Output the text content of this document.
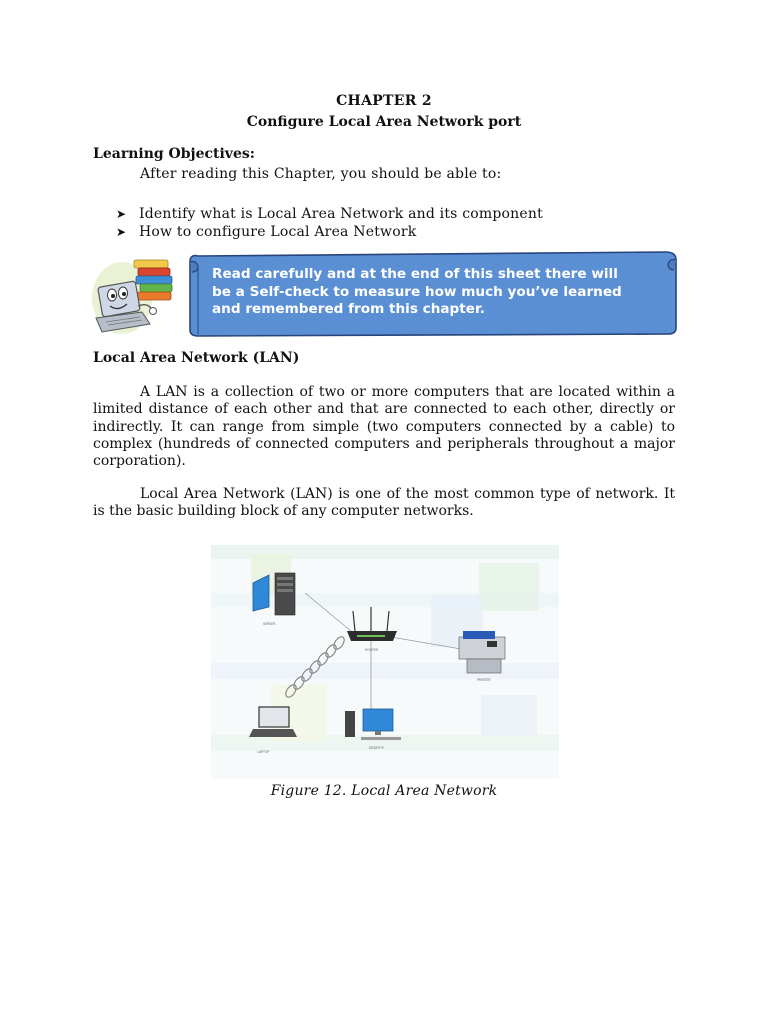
CHAPTER 2
Configure Local Area Network port
Learning Objectives:
After reading this Chapter, you should be able to:
➤ Identify what is Local Area Network and its component
➤ How to configure Local Area Network
Read carefully and at the end of this sheet there will
be a Self-check to measure how much you’ve learned
and remembered from this chapter.
Local Area Network (LAN)
A LAN is a collection of two or more computers that are located within a limited distance of each other and that are connected to each other, directly or indirectly. It can range from simple (two computers connected by a cable) to complex (hundreds of connected computers and peripherals throughout a major corporation).
Local Area Network (LAN) is one of the most common type of network. It is the basic building block of any computer networks.
SERVER
ROUTER
PRINTER
LAPTOP
DESKTOP
Figure 12. Local Area Network
